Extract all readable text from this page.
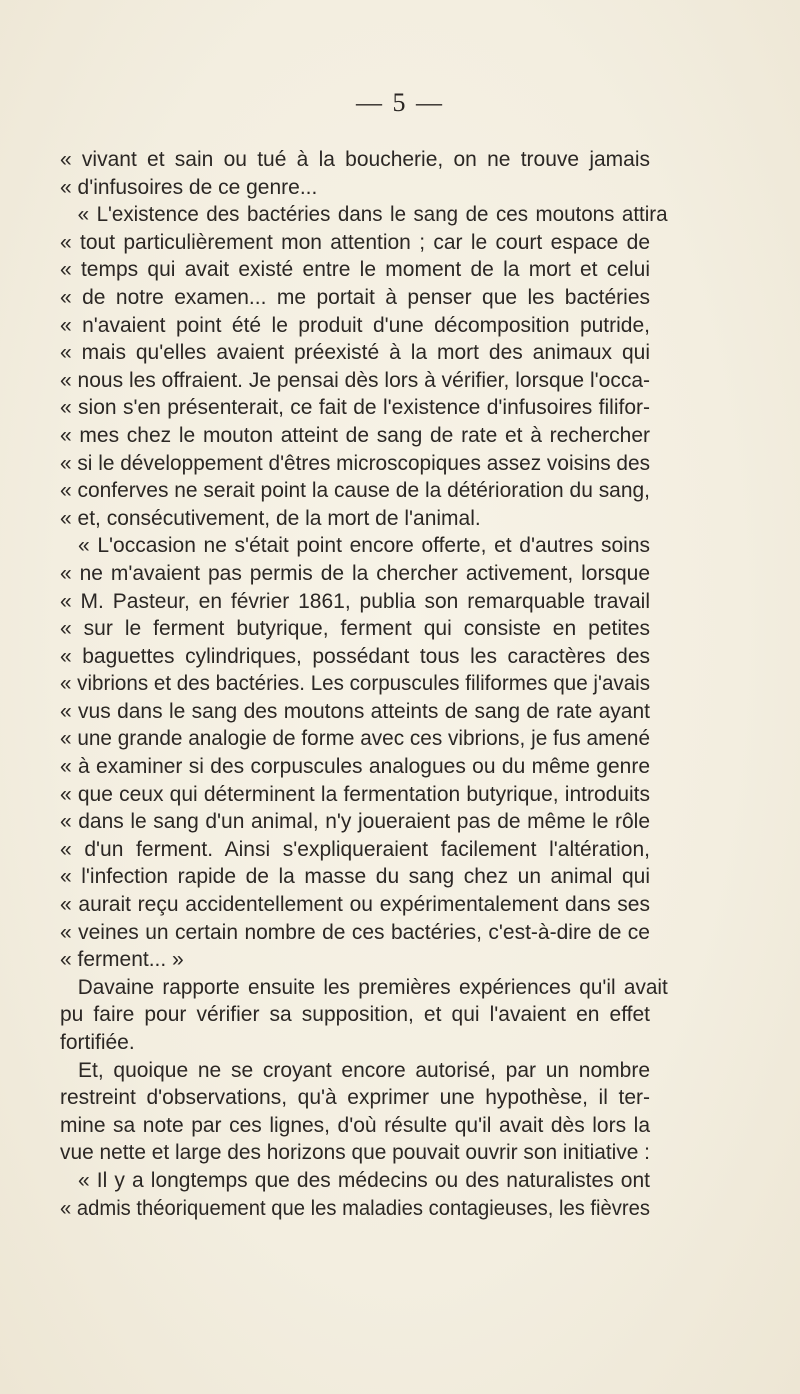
— 5 —
« vivant et sain ou tué à la boucherie, on ne trouve jamais
« d'infusoires de ce genre...
« L'existence des bactéries dans le sang de ces moutons attira
« tout particulièrement mon attention ; car le court espace de
« temps qui avait existé entre le moment de la mort et celui
« de notre examen... me portait à penser que les bactéries
« n'avaient point été le produit d'une décomposition putride,
« mais qu'elles avaient préexisté à la mort des animaux qui
« nous les offraient. Je pensai dès lors à vérifier, lorsque l'occa-
« sion s'en présenterait, ce fait de l'existence d'infusoires filifor-
« mes chez le mouton atteint de sang de rate et à rechercher
« si le développement d'êtres microscopiques assez voisins des
« conferves ne serait point la cause de la détérioration du sang,
« et, consécutivement, de la mort de l'animal.
« L'occasion ne s'était point encore offerte, et d'autres soins
« ne m'avaient pas permis de la chercher activement, lorsque
« M. Pasteur, en février 1861, publia son remarquable travail
« sur le ferment butyrique, ferment qui consiste en petites
« baguettes cylindriques, possédant tous les caractères des
« vibrions et des bactéries. Les corpuscules filiformes que j'avais
« vus dans le sang des moutons atteints de sang de rate ayant
« une grande analogie de forme avec ces vibrions, je fus amené
« à examiner si des corpuscules analogues ou du même genre
« que ceux qui déterminent la fermentation butyrique, introduits
« dans le sang d'un animal, n'y joueraient pas de même le rôle
« d'un ferment. Ainsi s'expliqueraient facilement l'altération,
« l'infection rapide de la masse du sang chez un animal qui
« aurait reçu accidentellement ou expérimentalement dans ses
« veines un certain nombre de ces bactéries, c'est-à-dire de ce
« ferment... »
Davaine rapporte ensuite les premières expériences qu'il avait
pu faire pour vérifier sa supposition, et qui l'avaient en effet
fortifiée.
Et, quoique ne se croyant encore autorisé, par un nombre
restreint d'observations, qu'à exprimer une hypothèse, il ter-
mine sa note par ces lignes, d'où résulte qu'il avait dès lors la
vue nette et large des horizons que pouvait ouvrir son initiative :
« Il y a longtemps que des médecins ou des naturalistes ont
« admis théoriquement que les maladies contagieuses, les fièvres
